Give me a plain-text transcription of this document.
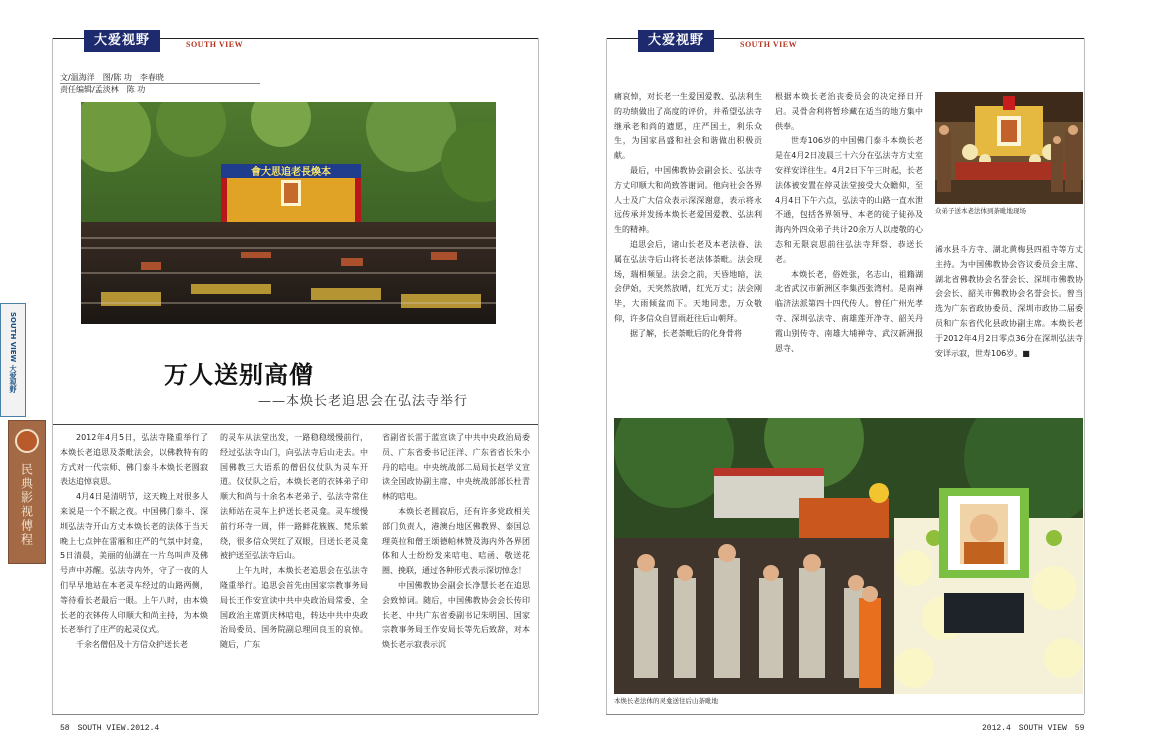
大爱视野	SOUTH VIEW
文/温海洋　图/陈 功　李春晓
责任编辑/孟淡林　陈 功
會大思追老長煥本
万人送别高僧
——本焕长老追思会在弘法寺举行
SOUTH VIEW 大爱视野
民典影视傅程

2012年4月5日，弘法寺隆重举行了本焕长老追思及荼毗法会，以佛教特有的方式对一代宗师、佛门泰斗本焕长老圆寂表达追悼哀思。

4月4日是清明节，这天晚上对很多人来说是一个不眠之夜。中国佛门泰斗、深圳弘法寺开山方丈本焕长老的法体于当天晚上七点钟在雷雁和庄严的气氛中封龛，5日清晨，美丽的仙湖在一片鸟叫声及佛号声中苏醒。弘法寺内外，守了一夜的人们早早地站在本老灵车经过的山路两侧，等待看长老最后一眼。上午八时，由本焕长老的衣钵传人印顺大和尚主持，为本焕长老举行了庄严的起灵仪式。

千余名僧侣及十方信众护送长老

的灵车从法堂出发，一路稳稳缓慢前行，经过弘法寺山门，向弘法寺后山走去。中国佛教三大语系的僧侣仪仗队为灵车开道。仪仗队之后，本焕长老的衣钵弟子印顺大和尚与十余名本老弟子、弘法寺常住法师站在灵车上护送长老灵龛。灵车缓慢前行环寺一周，伴一路鲜花簇簇、梵乐萦绕，很多信众哭红了双眼，目送长老灵龛被护送至弘法寺后山。

上午九时，本焕长老追思会在弘法寺隆重举行。追思会首先由国家宗教事务局局长王作安宣读中共中央政治局常委、全国政治主席贾庆林唁电，转达中共中央政治局委员、国务院副总理回良玉的哀悼。随后，广东

省副省长雷于蓝宣读了中共中央政治局委员、广东省委书记汪洋、广东省省长朱小丹的唁电。中央统战部二局局长赵学义宣读全国政协副主席、中央统战部部长杜青林的唁电。

本焕长老圆寂后，还有许多党政相关部门负责人，港澳台地区佛教界、泰国总理英拉和僧王颂德帕林赞及海内外各界团体和人士纷纷发来唁电、唁函、敬送花圈、挽联，通过各种形式表示深切悼念！

中国佛教协会副会长净慧长老在追思会致悼词。随后，中国佛教协会会长传印长老、中共广东省委副书记朱明国、国家宗教事务局王作安局长等先后致辞，对本焕长老示寂表示沉

58　SOUTH VIEW.2012.4
大爱视野	SOUTH VIEW

痛哀悼，对长老一生爱国爱教、弘法利生的功绩做出了高度的评价，并希望弘法寺继承老和尚的遗愿，庄严国土，利乐众生，为国家昌盛和社会和谐做出积极贡献。

最后，中国佛教协会副会长、弘法寺方丈印顺大和尚致答谢词。他向社会各界人士及广大信众表示深深谢意，表示将永远传承并发扬本焕长老爱国爱教、弘法利生的精神。

追思会后，诸山长老及本老法眷、法属在弘法寺后山将长老法体荼毗。法会现场，瑞相频显。法会之前，天昏地暗，法会伊始，天突然放晴，红光万丈；法会刚毕，大雨倾盆而下。天地同悲，万众敬仰，许多信众自冒雨赶往后山朝拜。

据了解，长老荼毗后的化身骨将

根据本焕长老治丧委员会的决定择日开启。灵骨舍利将暂珍藏在适当的地方集中供奉。

世寿106岁的中国佛门泰斗本焕长老是在4月2日凌晨三十六分在弘法寺方丈室安祥安详往生。4月2日下午三时起，长老法体被安置在停灵法堂接受大众瞻仰，至4月4日下午六点，弘法寺的山路一直水泄不通，包括各界领导、本老的徒子徒孙及海内外四众弟子共计20余万人以虔敬的心态和无限哀思前往弘法寺拜祭、恭送长老。

本焕长老，俗姓张，名志山，祖籍湖北省武汉市新洲区李集西张湾村。是南禅临济法派第四十四代传人。曾任广州光孝寺、深圳弘法寺、南雄莲开净寺、韶关丹霞山别传寺、南雄大埔禅寺、武汉新洲报恩寺、

众弟子送本老法体到荼毗地现场

浠水县斗方寺、湖北黄梅县四祖寺等方丈主持。为中国佛教协会咨议委员会主席、湖北省佛教协会名誉会长、深圳市佛教协会会长、韶关市佛教协会名誉会长。曾当选为广东省政协委员、深圳市政协二届委员和广东省代化县政协副主席。本焕长老于2012年4月2日零点36分在深圳弘法寺安详示寂，世寿106岁。■

本焕长老法体的灵龛送往后山荼毗地
2012.4　SOUTH VIEW　59
